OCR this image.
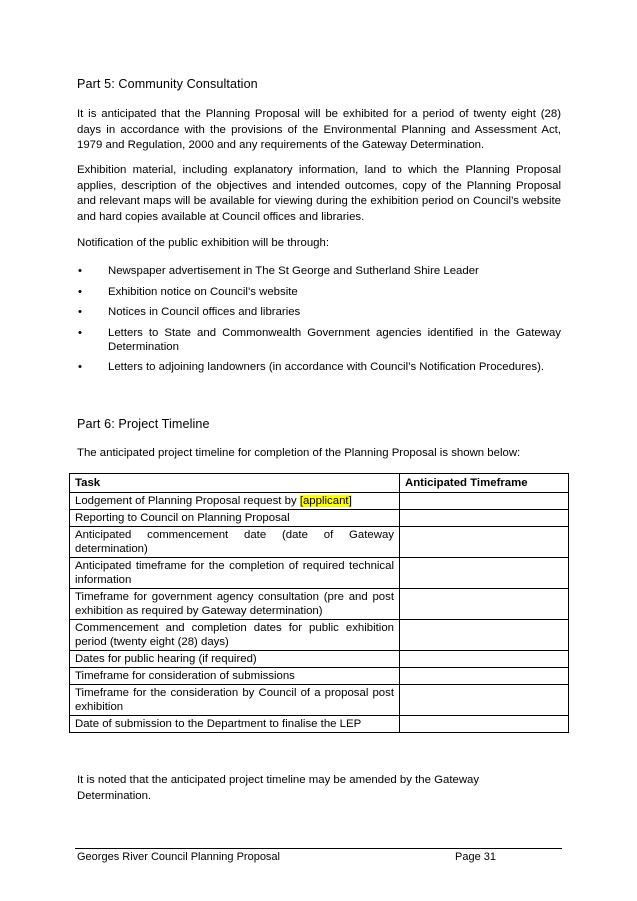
Part 5: Community Consultation
It is anticipated that the Planning Proposal will be exhibited for a period of twenty eight (28) days in accordance with the provisions of the Environmental Planning and Assessment Act, 1979 and Regulation, 2000 and any requirements of the Gateway Determination.
Exhibition material, including explanatory information, land to which the Planning Proposal applies, description of the objectives and intended outcomes, copy of the Planning Proposal and relevant maps will be available for viewing during the exhibition period on Council’s website and hard copies available at Council offices and libraries.
Notification of the public exhibition will be through:
• Newspaper advertisement in The St George and Sutherland Shire Leader
• Exhibition notice on Council’s website
• Notices in Council offices and libraries
• Letters to State and Commonwealth Government agencies identified in the Gateway Determination
• Letters to adjoining landowners (in accordance with Council’s Notification Procedures).
Part 6: Project Timeline
The anticipated project timeline for completion of the Planning Proposal is shown below:
Task	Anticipated Timeframe
Lodgement of Planning Proposal request by [applicant]	
Reporting to Council on Planning Proposal	
Anticipated commencement date (date of Gateway determination)	
Anticipated timeframe for the completion of required technical information	
Timeframe for government agency consultation (pre and post exhibition as required by Gateway determination)	
Commencement and completion dates for public exhibition period (twenty eight (28) days)	
Dates for public hearing (if required)	
Timeframe for consideration of submissions	
Timeframe for the consideration by Council of a proposal post exhibition	
Date of submission to the Department to finalise the LEP	
It is noted that the anticipated project timeline may be amended by the Gateway Determination.
Georges River Council Planning Proposal	Page 31
